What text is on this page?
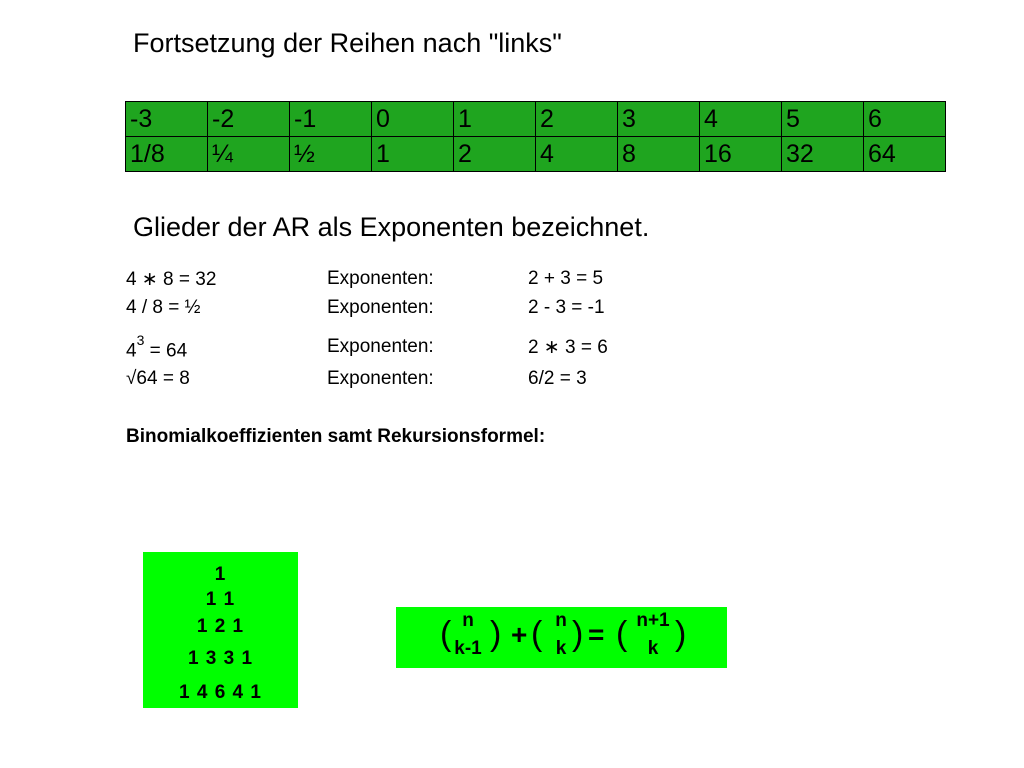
Fortsetzung der Reihen nach "links"
-3	-2	-1	0	1	2	3	4	5	6
1/8	¼	½	1	2	4	8	16	32	64
Glieder der AR als Exponenten bezeichnet.
4 ∗ 8 = 32	Exponenten:	2 + 3 = 5
4 / 8 = ½	Exponenten:	2 - 3 = -1
$4^3 = 64$	Exponenten:	2 ∗ 3 = 6
√64 = 8	Exponenten:	6/2 = 3
Binomialkoeffizienten samt Rekursionsformel:
1
1 1
1 2 1
1 3 3 1
1 4 6 4 1
( n
k-1 ) + ( n
k ) = ( n+1
k )
